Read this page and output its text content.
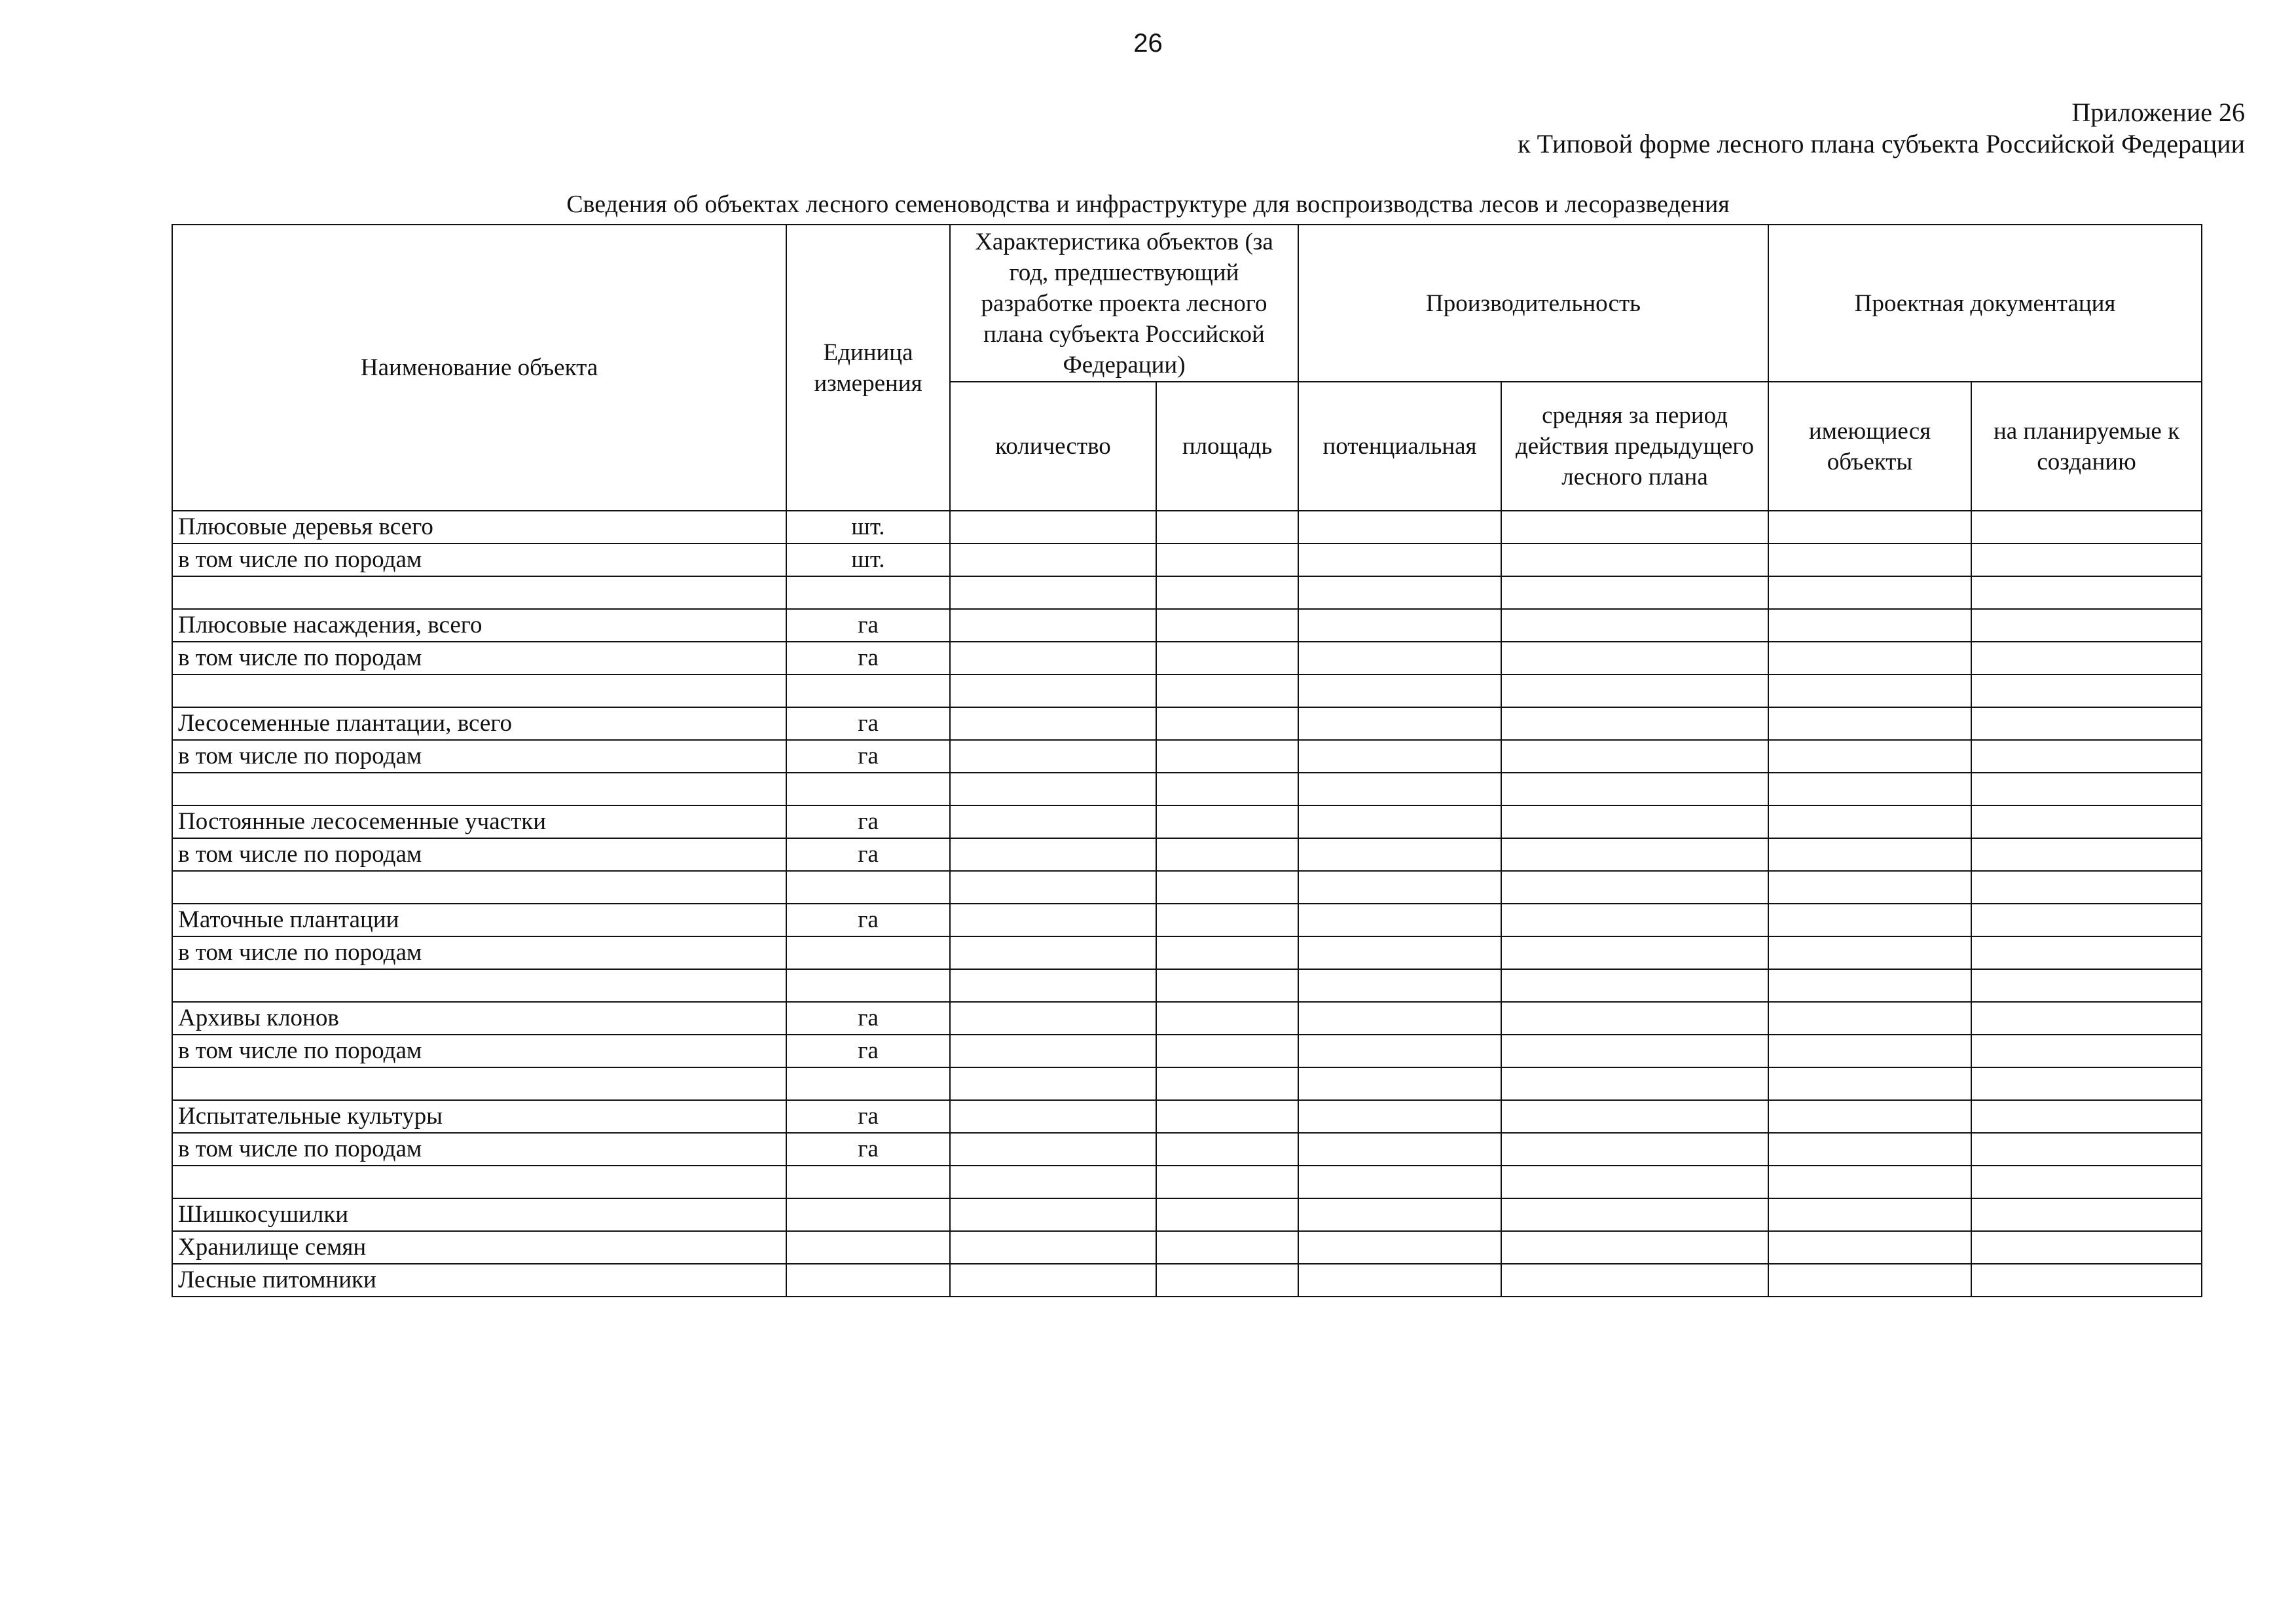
26
Приложение 26
к Типовой форме лесного плана субъекта Российской Федерации
Сведения об объектах лесного семеноводства и инфраструктуре для воспроизводства лесов и лесоразведения
Наименование объекта	Единица измерения	Характеристика объектов (за год, предшествующий разработке проекта лесного плана субъекта Российской Федерации)		Производительность		Проектная документация	
		количество	площадь	потенциальная	средняя за период действия предыдущего лесного плана	имеющиеся объекты	на планируемые к созданию
Плюсовые деревья всего	шт.						
в том числе по породам	шт.						

Плюсовые насаждения, всего	га						
в том числе по породам	га						

Лесосеменные плантации, всего	га						
в том числе по породам	га						

Постоянные лесосеменные участки	га						
в том числе по породам	га						

Маточные плантации	га						
в том числе по породам							

Архивы клонов	га						
в том числе по породам	га						

Испытательные культуры	га						
в том числе по породам	га						

Шишкосушилки							
Хранилище семян							
Лесные питомники							
